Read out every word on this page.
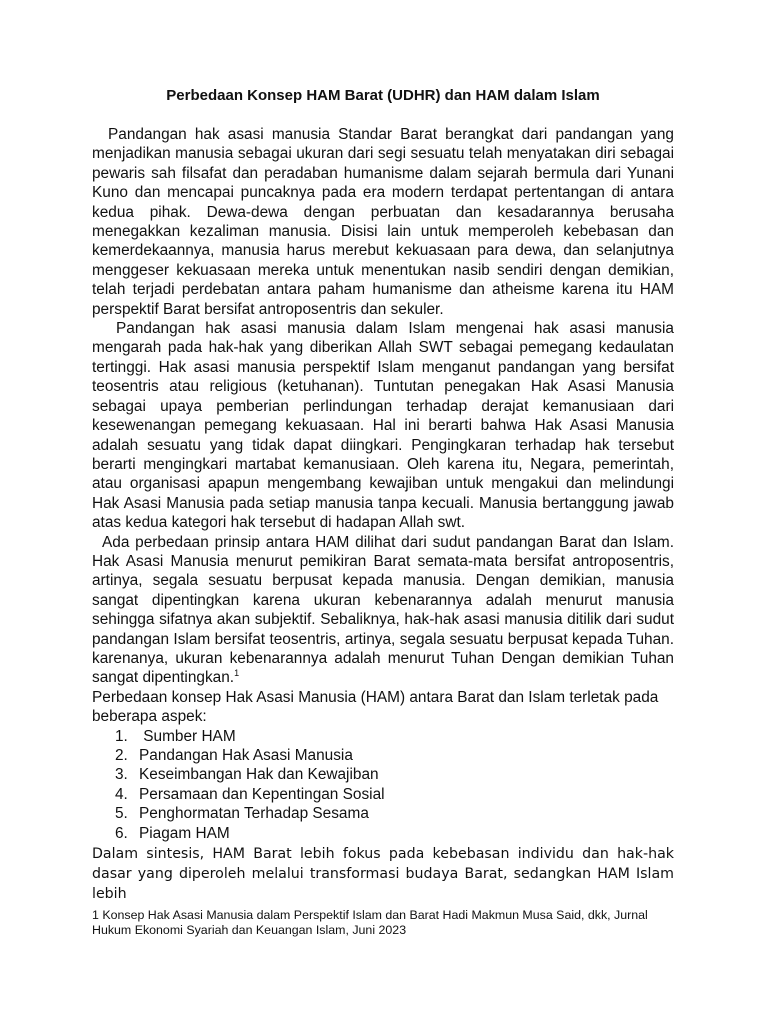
Perbedaan Konsep HAM Barat (UDHR) dan HAM dalam Islam

Pandangan hak asasi manusia Standar Barat berangkat dari pandangan yang menjadikan manusia sebagai ukuran dari segi sesuatu telah menyatakan diri sebagai pewaris sah filsafat dan peradaban humanisme dalam sejarah bermula dari Yunani Kuno dan mencapai puncaknya pada era modern terdapat pertentangan di antara kedua pihak. Dewa-dewa dengan perbuatan dan kesadarannya berusaha menegakkan kezaliman manusia. Disisi lain untuk memperoleh kebebasan dan kemerdekaannya, manusia harus merebut kekuasaan para dewa, dan selanjutnya menggeser kekuasaan mereka untuk menentukan nasib sendiri dengan demikian, telah terjadi perdebatan antara paham humanisme dan atheisme karena itu HAM perspektif Barat bersifat antroposentris dan sekuler.

Pandangan hak asasi manusia dalam Islam mengenai hak asasi manusia mengarah pada hak-hak yang diberikan Allah SWT sebagai pemegang kedaulatan tertinggi. Hak asasi manusia perspektif Islam menganut pandangan yang bersifat teosentris atau religious (ketuhanan). Tuntutan penegakan Hak Asasi Manusia sebagai upaya pemberian perlindungan terhadap derajat kemanusiaan dari kesewenangan pemegang kekuasaan. Hal ini berarti bahwa Hak Asasi Manusia adalah sesuatu yang tidak dapat diingkari. Pengingkaran terhadap hak tersebut berarti mengingkari martabat kemanusiaan. Oleh karena itu, Negara, pemerintah, atau organisasi apapun mengembang kewajiban untuk mengakui dan melindungi Hak Asasi Manusia pada setiap manusia tanpa kecuali. Manusia bertanggung jawab atas kedua kategori hak tersebut di hadapan Allah swt.

Ada perbedaan prinsip antara HAM dilihat dari sudut pandangan Barat dan Islam. Hak Asasi Manusia menurut pemikiran Barat semata-mata bersifat antroposentris, artinya, segala sesuatu berpusat kepada manusia. Dengan demikian, manusia sangat dipentingkan karena ukuran kebenarannya adalah menurut manusia sehingga sifatnya akan subjektif. Sebaliknya, hak-hak asasi manusia ditilik dari sudut pandangan Islam bersifat teosentris, artinya, segala sesuatu berpusat kepada Tuhan. karenanya, ukuran kebenarannya adalah menurut Tuhan Dengan demikian Tuhan sangat dipentingkan.$^1$

Perbedaan konsep Hak Asasi Manusia (HAM) antara Barat dan Islam terletak pada beberapa aspek:

1. Sumber HAM
2. Pandangan Hak Asasi Manusia
3. Keseimbangan Hak dan Kewajiban
4. Persamaan dan Kepentingan Sosial
5. Penghormatan Terhadap Sesama
6. Piagam HAM

Dalam sintesis, HAM Barat lebih fokus pada kebebasan individu dan hak-hak dasar yang diperoleh melalui transformasi budaya Barat, sedangkan HAM Islam lebih

1 Konsep Hak Asasi Manusia dalam Perspektif Islam dan Barat Hadi Makmun Musa Said, dkk, Jurnal Hukum Ekonomi Syariah dan Keuangan Islam, Juni 2023
